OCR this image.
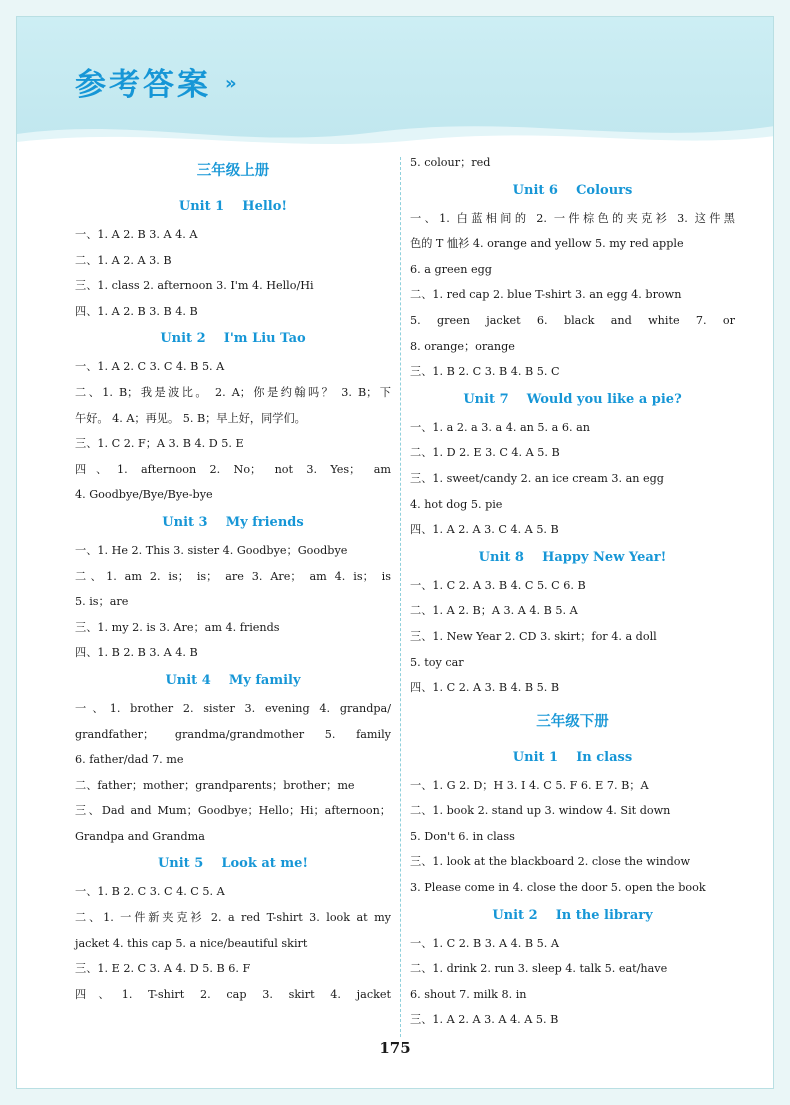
参考答案 »
三年级上册
Unit 1    Hello!
一、1. A 2. B 3. A 4. A
二、1. A 2. A 3. B
三、1. class 2. afternoon 3. I'm 4. Hello/Hi
四、1. A 2. B 3. B 4. B
Unit 2    I'm Liu Tao
一、1. A 2. C 3. C 4. B 5. A
二、1. B；我是波比。 2. A；你是约翰吗？ 3. B；下
午好。 4. A；再见。 5. B；早上好，同学们。
三、1. C 2. F；A 3. B 4. D 5. E
四、1. afternoon 2. No； not 3. Yes； am
4. Goodbye/Bye/Bye-bye
Unit 3    My friends
一、1. He 2. This 3. sister 4. Goodbye；Goodbye
二、1. am 2. is； is； are 3. Are； am 4. is； is
5. is；are
三、1. my 2. is 3. Are；am 4. friends
四、1. B 2. B 3. A 4. B
Unit 4    My family
一、1. brother 2. sister 3. evening 4. grandpa/
grandfather； grandma/grandmother 5. family
6. father/dad 7. me
二、father；mother；grandparents；brother；me
三、Dad and Mum；Goodbye；Hello；Hi；afternoon；
Grandpa and Grandma
Unit 5    Look at me!
一、1. B 2. C 3. C 4. C 5. A
二、1. 一件新夹克衫 2. a red T-shirt 3. look at my
jacket 4. this cap 5. a nice/beautiful skirt
三、1. E 2. C 3. A 4. D 5. B 6. F
四、1. T-shirt 2. cap 3. skirt 4. jacket
5. colour；red
Unit 6    Colours
一、1. 白蓝相间的 2. 一件棕色的夹克衫 3. 这件黑
色的 T 恤衫 4. orange and yellow 5. my red apple
6. a green egg
二、1. red cap 2. blue T-shirt 3. an egg 4. brown
5. green jacket 6. black and white 7. or
8. orange；orange
三、1. B 2. C 3. B 4. B 5. C
Unit 7    Would you like a pie?
一、1. a 2. a 3. a 4. an 5. a 6. an
二、1. D 2. E 3. C 4. A 5. B
三、1. sweet/candy 2. an ice cream 3. an egg
4. hot dog 5. pie
四、1. A 2. A 3. C 4. A 5. B
Unit 8    Happy New Year!
一、1. C 2. A 3. B 4. C 5. C 6. B
二、1. A 2. B；A 3. A 4. B 5. A
三、1. New Year 2. CD 3. skirt；for 4. a doll
5. toy car
四、1. C 2. A 3. B 4. B 5. B
三年级下册
Unit 1    In class
一、1. G 2. D；H 3. I 4. C 5. F 6. E 7. B；A
二、1. book 2. stand up 3. window 4. Sit down
5. Don't 6. in class
三、1. look at the blackboard 2. close the window
3. Please come in 4. close the door 5. open the book
Unit 2    In the library
一、1. C 2. B 3. A 4. B 5. A
二、1. drink 2. run 3. sleep 4. talk 5. eat/have
6. shout 7. milk 8. in
三、1. A 2. A 3. A 4. A 5. B
175
